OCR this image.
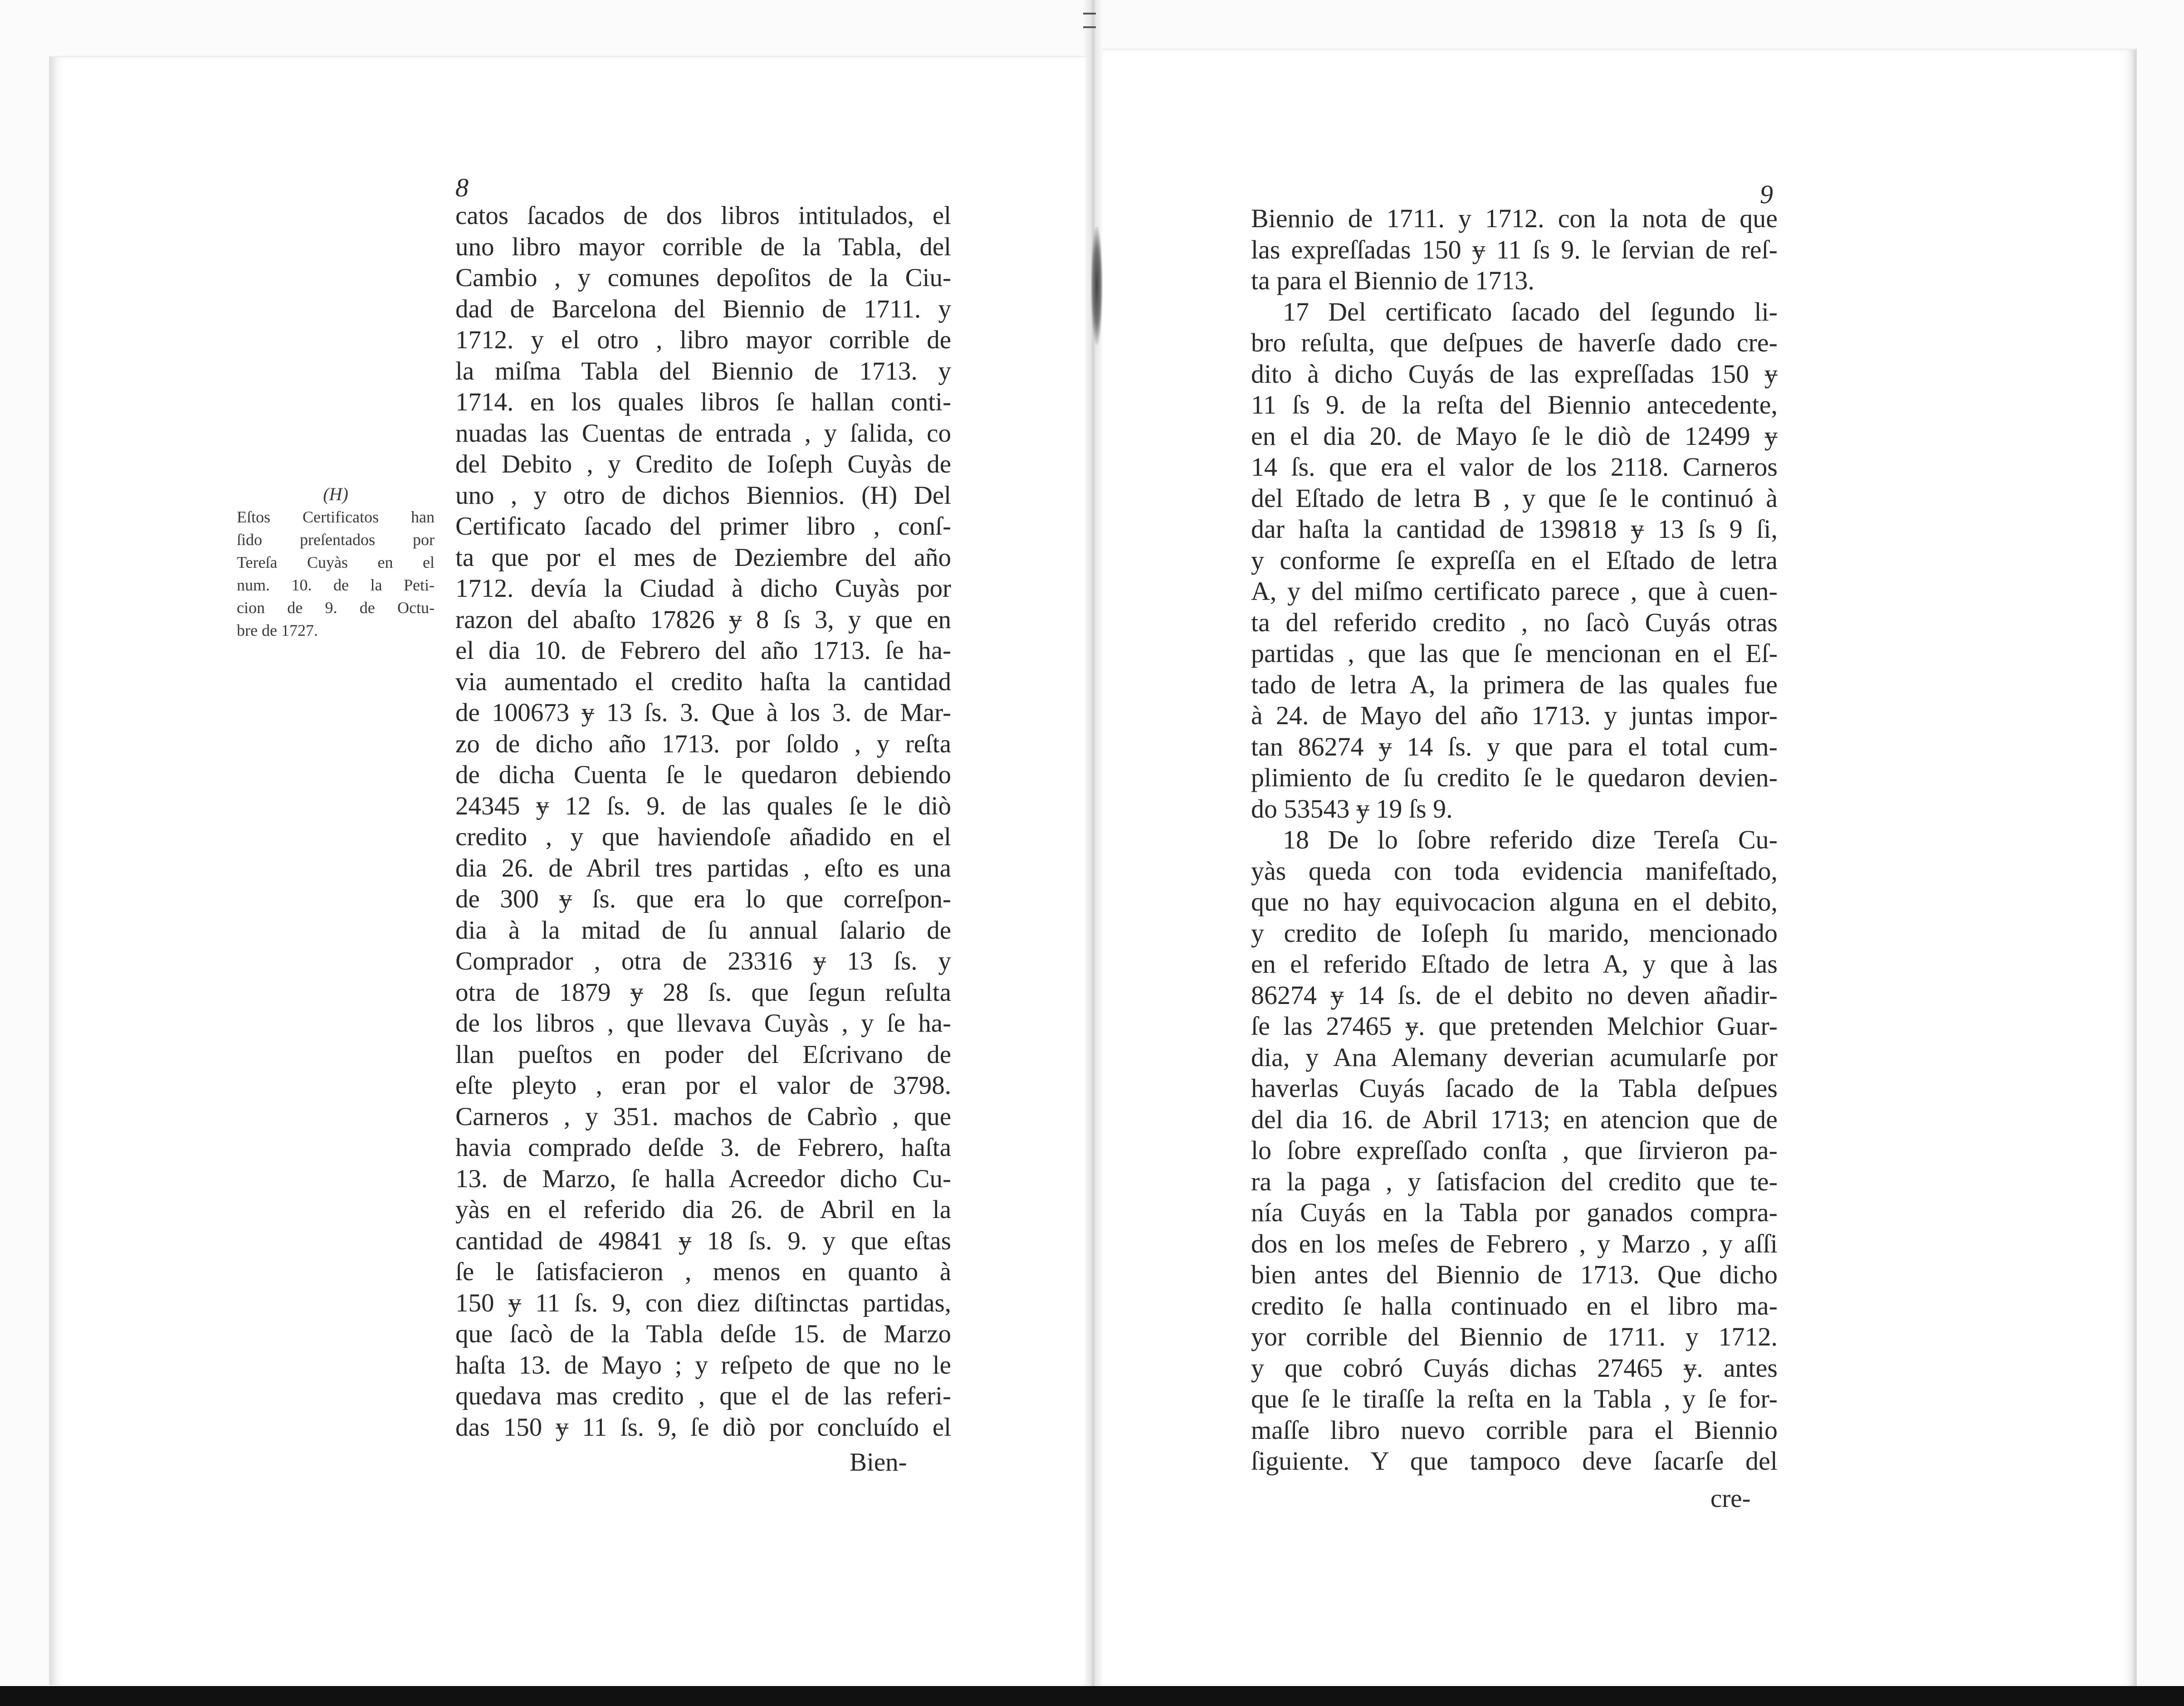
8	9
(H)
Eſtos Certificatos han
ſido preſentados por
Tereſa Cuyàs en el
num. 10. de la Peti-
cion de 9. de Octu-
bre de 1727.
catos ſacados de dos libros intitulados, el
uno libro mayor corrible de la Tabla, del
Cambio , y comunes depoſitos de la Ciu-
dad de Barcelona del Biennio de 1711. y
1712. y el otro , libro mayor corrible de
la miſma Tabla del Biennio de 1713. y
1714. en los quales libros ſe hallan conti-
nuadas las Cuentas de entrada , y ſalida, co
del Debito , y Credito de Ioſeph Cuyàs de
uno , y otro de dichos Biennios. (H) Del
Certificato ſacado del primer libro , conſ-
ta que por el mes de Deziembre del año
1712. devía la Ciudad à dicho Cuyàs por
razon del abaſto 17826 ɏ 8 ſs 3, y que en
el dia 10. de Febrero del año 1713. ſe ha-
via aumentado el credito haſta la cantidad
de 100673 ɏ 13 ſs. 3. Que à los 3. de Mar-
zo de dicho año 1713. por ſoldo , y reſta
de dicha Cuenta ſe le quedaron debiendo
24345 ɏ 12 ſs. 9. de las quales ſe le diò
credito , y que haviendoſe añadido en el
dia 26. de Abril tres partidas , eſto es una
de 300 ɏ ſs. que era lo que correſpon-
dia à la mitad de ſu annual ſalario de
Comprador , otra de 23316 ɏ 13 ſs. y
otra de 1879 ɏ 28 ſs. que ſegun reſulta
de los libros , que llevava Cuyàs , y ſe ha-
llan pueſtos en poder del Eſcrivano de
eſte pleyto , eran por el valor de 3798.
Carneros , y 351. machos de Cabrìo , que
havia comprado deſde 3. de Febrero, haſta
13. de Marzo, ſe halla Acreedor dicho Cu-
yàs en el referido dia 26. de Abril en la
cantidad de 49841 ɏ 18 ſs. 9. y que eſtas
ſe le ſatisfacieron , menos en quanto à
150 ɏ 11 ſs. 9, con diez diſtinctas partidas,
que ſacò de la Tabla deſde 15. de Marzo
haſta 13. de Mayo ; y reſpeto de que no le
quedava mas credito , que el de las referi-
das 150 ɏ 11 ſs. 9, ſe diò por concluído el
Biennio de 1711. y 1712. con la nota de que
las expreſſadas 150 ɏ 11 ſs 9. le ſervian de reſ-
ta para el Biennio de 1713.
17 Del certificato ſacado del ſegundo li-
bro reſulta, que deſpues de haverſe dado cre-
dito à dicho Cuyás de las expreſſadas 150 ɏ
11 ſs 9. de la reſta del Biennio antecedente,
en el dia 20. de Mayo ſe le diò de 12499 ɏ
14 ſs. que era el valor de los 2118. Carneros
del Eſtado de letra B , y que ſe le continuó à
dar haſta la cantidad de 139818 ɏ 13 ſs 9 ſi,
y conforme ſe expreſſa en el Eſtado de letra
A, y del miſmo certificato parece , que à cuen-
ta del referido credito , no ſacò Cuyás otras
partidas , que las que ſe mencionan en el Eſ-
tado de letra A, la primera de las quales fue
à 24. de Mayo del año 1713. y juntas impor-
tan 86274 ɏ 14 ſs. y que para el total cum-
plimiento de ſu credito ſe le quedaron devien-
do 53543 ɏ 19 ſs 9.
18 De lo ſobre referido dize Tereſa Cu-
yàs queda con toda evidencia manifeſtado,
que no hay equivocacion alguna en el debito,
y credito de Ioſeph ſu marido, mencionado
en el referido Eſtado de letra A, y que à las
86274 ɏ 14 ſs. de el debito no deven añadir-
ſe las 27465 ɏ. que pretenden Melchior Guar-
dia, y Ana Alemany deverian acumularſe por
haverlas Cuyás ſacado de la Tabla deſpues
del dia 16. de Abril 1713; en atencion que de
lo ſobre expreſſado conſta , que ſirvieron pa-
ra la paga , y ſatisfacion del credito que te-
nía Cuyás en la Tabla por ganados compra-
dos en los meſes de Febrero , y Marzo , y aſſi
bien antes del Biennio de 1713. Que dicho
credito ſe halla continuado en el libro ma-
yor corrible del Biennio de 1711. y 1712.
y que cobró Cuyás dichas 27465 ɏ. antes
que ſe le tiraſſe la reſta en la Tabla , y ſe for-
maſſe libro nuevo corrible para el Biennio
ſiguiente. Y que tampoco deve ſacarſe del
Bien-
cre-
